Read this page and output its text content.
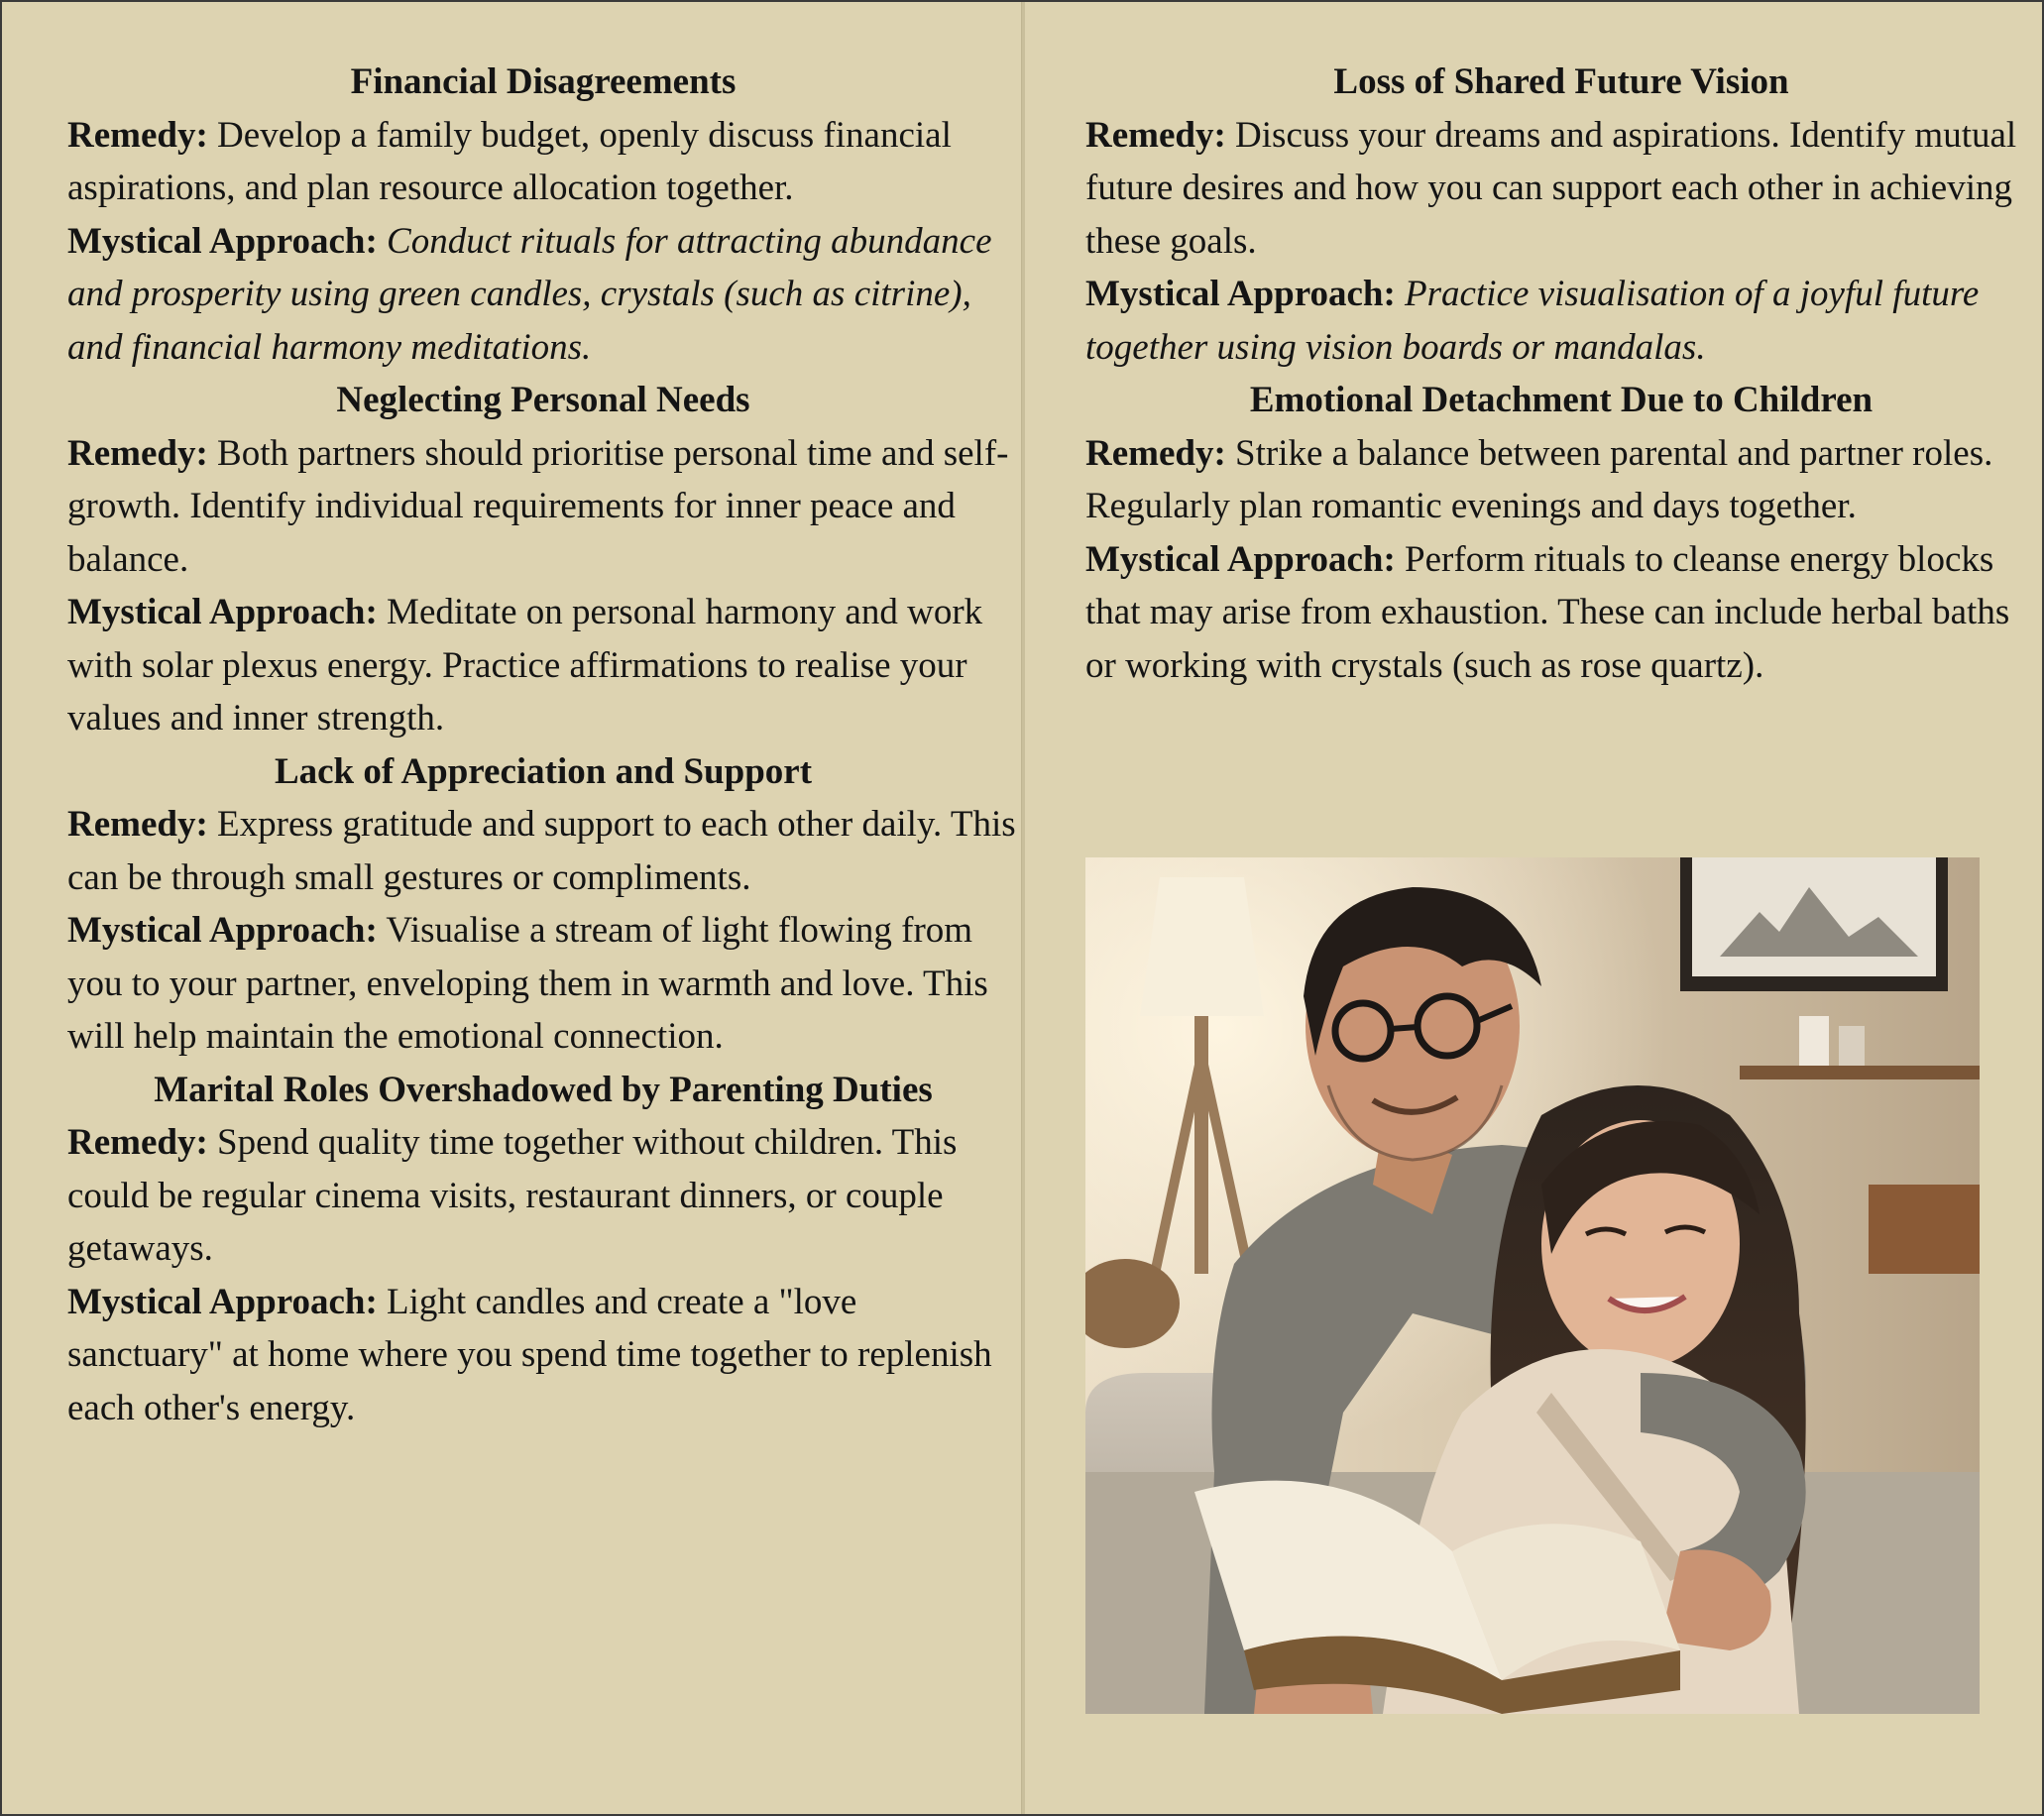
Financial Disagreements

Remedy: Develop a family budget, openly discuss financial aspirations, and plan resource allocation together.

Mystical Approach: Conduct rituals for attracting abundance and prosperity using green candles, crystals (such as citrine), and financial harmony meditations.

Neglecting Personal Needs

Remedy: Both partners should prioritise personal time and self-growth. Identify individual requirements for inner peace and balance.

Mystical Approach: Meditate on personal harmony and work with solar plexus energy. Practice affirmations to realise your values and inner strength.

Lack of Appreciation and Support

Remedy: Express gratitude and support to each other daily. This can be through small gestures or compliments.

Mystical Approach: Visualise a stream of light flowing from you to your partner, enveloping them in warmth and love. This will help maintain the emotional connection.

Marital Roles Overshadowed by Parenting Duties

Remedy: Spend quality time together without children. This could be regular cinema visits, restaurant dinners, or couple getaways.

Mystical Approach: Light candles and create a "love sanctuary" at home where you spend time together to replenish each other's energy.

Loss of Shared Future Vision

Remedy: Discuss your dreams and aspirations. Identify mutual future desires and how you can support each other in achieving these goals.

Mystical Approach: Practice visualisation of a joyful future together using vision boards or mandalas.

Emotional Detachment Due to Children

Remedy: Strike a balance between parental and partner roles. Regularly plan romantic evenings and days together.

Mystical Approach: Perform rituals to cleanse energy blocks that may arise from exhaustion. These can include herbal baths or working with crystals (such as rose quartz).
